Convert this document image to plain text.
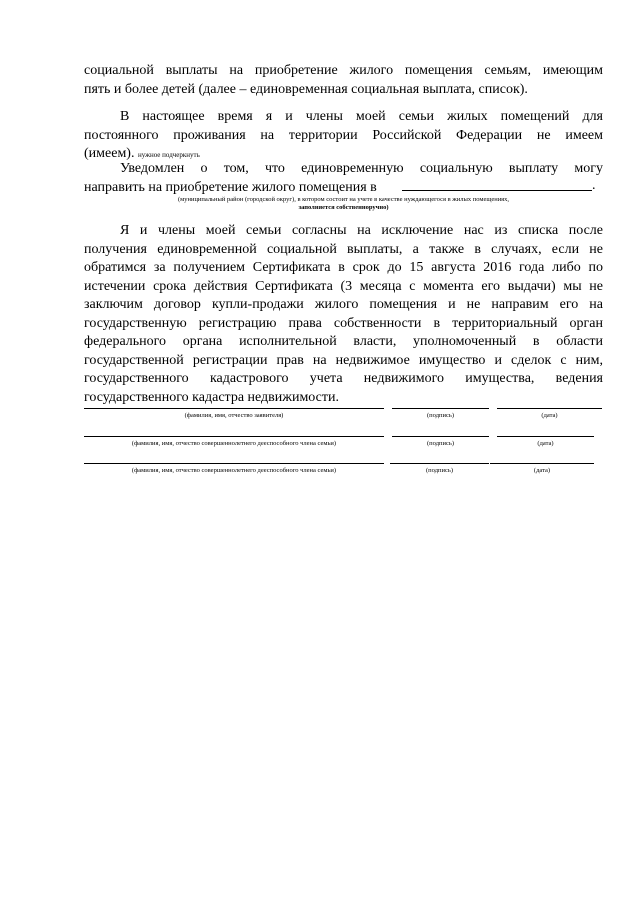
социальной выплаты на приобретение жилого помещения семьям, имеющим
пять и более детей (далее – единовременная социальная выплата, список).
В настоящее время я и члены моей семьи жилых помещений для
постоянного проживания на территории Российской Федерации не имеем
(имеем). нужное подчеркнуть
Уведомлен о том, что единовременную социальную выплату могу
направить на приобретение жилого помещения в	.
(муниципальный район (городской округ), в котором состоит на учете в качестве нуждающегося в жилых помещениях,
заполняется собственноручно)
Я и члены моей семьи согласны на исключение нас из списка после
получения единовременной социальной выплаты, а также в случаях, если не
обратимся за получением Сертификата в срок до 15 августа 2016 года либо по
истечении срока действия Сертификата (3 месяца с момента его выдачи) мы не
заключим договор купли-продажи жилого помещения и не направим его на
государственную регистрацию права собственности в территориальный орган
федерального органа исполнительной власти, уполномоченный в области
государственной регистрации прав на недвижимое имущество и сделок с ним,
государственного кадастрового учета недвижимого имущества, ведения
государственного кадастра недвижимости.
(фамилия, имя, отчество заявителя)	(подпись)	(дата)
(фамилия, имя, отчество совершеннолетнего дееспособного члена семьи)	(подпись)	(дата)
(фамилия, имя, отчество совершеннолетнего дееспособного члена семьи)	(подпись)	(дата)
